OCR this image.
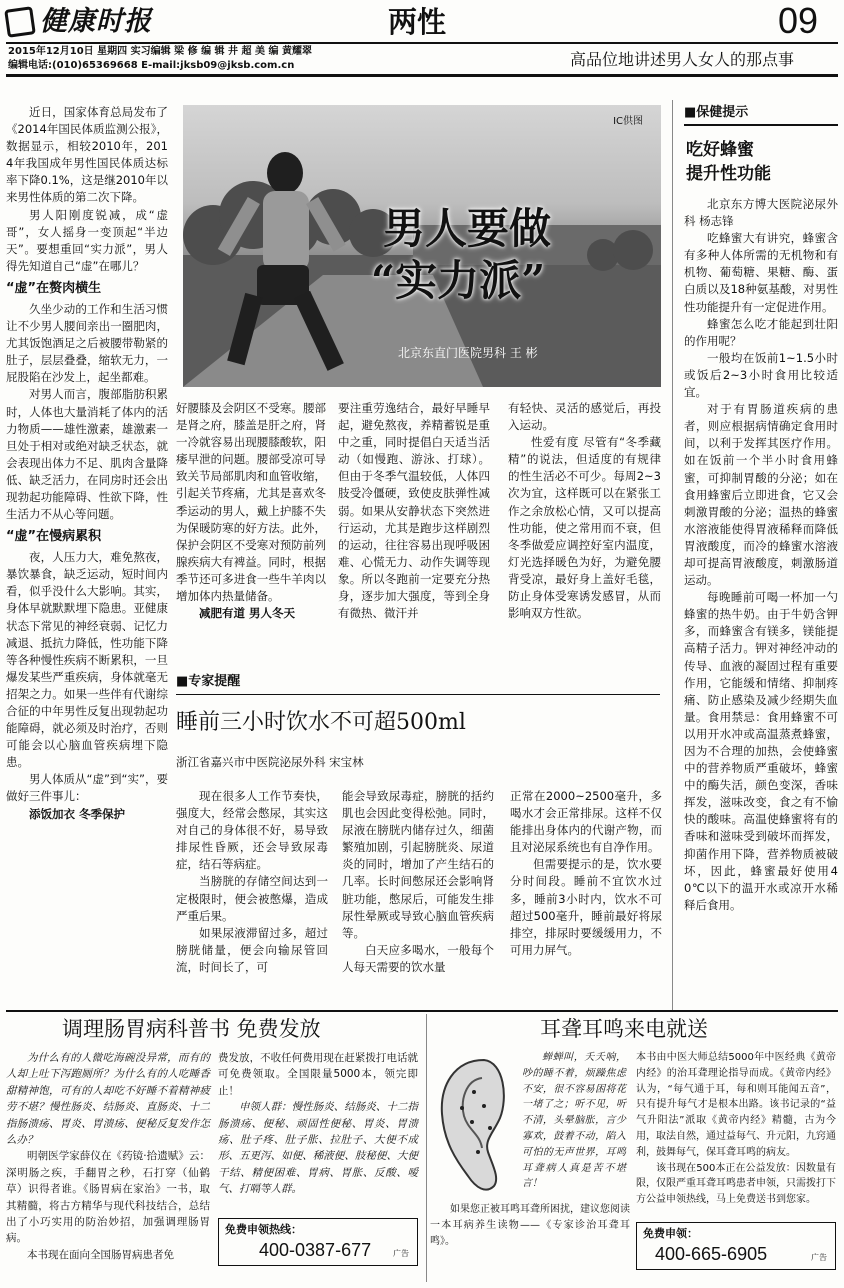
健康时报	两性	09
2015年12月10日 星期四 实习编辑 梁 修 编 辑 井 超 美 编 黄耀翠
编辑电话:(010)65369668 E-mail:jksb09@jksb.com.cn	高品位地讲述男人女人的那点事
IC供图
男人要做
“实力派”
北京东直门医院男科 王 彬

近日，国家体育总局发布了《2014年国民体质监测公报》，数据显示，相较2010年，2014年我国成年男性国民体质达标率下降0.1%，这是继2010年以来男性体质的第二次下降。

男人阳刚度锐减，成“虚哥”，女人摇身一变顶起“半边天”。要想重回“实力派”，男人得先知道自己“虚”在哪儿？

“虚”在赘肉横生

久坐少动的工作和生活习惯让不少男人腰间亲出一圈肥肉，尤其饭饱酒足之后被腰带勒紧的肚子，层层叠叠，缩软无力，一屁股陷在沙发上，起坐都难。

对男人而言，腹部脂肪积累时，人体也大量消耗了体内的活力物质——雄性激素，雄激素一旦处于相对或绝对缺乏状态，就会表现出体力不足、肌肉含量降低、缺乏活力，在同房时还会出现勃起功能障碍、性欲下降，性生活力不从心等问题。

“虚”在慢病累积

夜，人压力大，难免熬夜，暴饮暴食，缺乏运动，短时间内看，似乎没什么大影响。其实，身体早就默默埋下隐患。亚健康状态下常见的神经衰弱、记忆力减退、抵抗力降低，性功能下降等各种慢性疾病不断累积，一旦爆发某些严重疾病，身体就毫无招架之力。如果一些伴有代谢综合征的中年男性反复出现勃起功能障碍，就必须及时治疗，否则可能会以心脑血管疾病埋下隐患。

男人体质从“虚”到“实”，要做好三件事儿：

添饭加衣 冬季保护

好腰膝及会阴区不受寒。腰部是肾之府，膝盖是肝之府，肾一冷就容易出现腰膝酸软，阳痿早泄的问题。腰部受凉可导致关节局部肌肉和血管收缩，引起关节疼痛，尤其是喜欢冬季运动的男人，戴上护膝不失为保暖防寒的好方法。此外，保护会阴区不受寒对预防前列腺疾病大有裨益。同时，根据季节还可多进食一些牛羊肉以增加体内热量储备。

减肥有道 男人冬天

要注重劳逸结合，最好早睡早起，避免熬夜，养精蓄锐是重中之重，同时提倡白天适当活动（如慢跑、游泳、打球）。但由于冬季气温较低，人体四肢受冷僵硬，致使皮肤弹性减弱。如果从安静状态下突然进行运动，尤其是跑步这样剧烈的运动，往往容易出现呼吸困难、心慌无力、动作失调等现象。所以冬跑前一定要充分热身，逐步加大强度，等到全身有微热、微汗并

有轻快、灵活的感觉后，再投入运动。

性爱有度 尽管有“冬季藏精”的说法，但适度的有规律的性生活必不可少。每周2~3次为宜，这样既可以在紧张工作之余放松心情，又可以提高性功能，使之常用而不衰，但冬季做爱应调控好室内温度，灯光选择暖色为好，为避免腰背受凉，最好身上盖好毛毯，防止身体受寒诱发感冒，从而影响双方性欲。

■专家提醒
睡前三小时饮水不可超500ml
浙江省嘉兴市中医院泌尿外科 宋宝林

现在很多人工作节奏快，强度大，经常会憋尿，其实这对自己的身体很不好，易导致排尿性昏厥，还会导致尿毒症，结石等病症。

当膀胱的存储空间达到一定极限时，便会被憋爆，造成严重后果。

如果尿液滞留过多，超过膀胱储量，便会向输尿管回流，时间长了，可

能会导致尿毒症，膀胱的括约肌也会因此变得松弛。同时，尿液在膀胱内储存过久，细菌繁殖加剧，引起膀胱炎、尿道炎的同时，增加了产生结石的几率。长时间憋尿还会影响肾脏功能，憋尿后，可能发生排尿性晕厥或导致心脑血管疾病等。

白天应多喝水，一般每个人每天需要的饮水量

正常在2000~2500毫升，多喝水才会正常排尿。这样不仅能排出身体内的代谢产物，而且对泌尿系统也有自净作用。

但需要提示的是，饮水要分时间段。睡前不宜饮水过多，睡前3小时内，饮水不可超过500毫升，睡前最好将尿排空，排尿时要缓缓用力，不可用力屏气。

■保健提示
吃好蜂蜜
提升性功能

北京东方博大医院泌尿外科 杨志锋

吃蜂蜜大有讲究，蜂蜜含有多种人体所需的无机物和有机物、葡萄糖、果糖、酶、蛋白质以及18种氨基酸，对男性性功能提升有一定促进作用。

蜂蜜怎么吃才能起到壮阳的作用呢？

一般均在饭前1~1.5小时或饭后2~3小时食用比较适宜。

对于有胃肠道疾病的患者，则应根据病情确定食用时间，以利于发挥其医疗作用。如在饭前一个半小时食用蜂蜜，可抑制胃酸的分泌；如在食用蜂蜜后立即进食，它又会刺激胃酸的分泌；温热的蜂蜜水溶液能使得胃液稀释而降低胃液酸度，而冷的蜂蜜水溶液却可提高胃液酸度，刺激肠道运动。

每晚睡前可喝一杯加一勺蜂蜜的热牛奶。由于牛奶含钾多，而蜂蜜含有镁多，镁能提高精子活力。钾对神经冲动的传导、血液的凝固过程有重要作用，它能缓和情绪、抑制疼痛、防止感染及减少经期失血量。食用禁忌：食用蜂蜜不可以用开水冲或高温蒸煮蜂蜜，因为不合理的加热，会使蜂蜜中的营养物质严重破坏，蜂蜜中的酶失活，颜色变深，香味挥发，滋味改变，食之有不愉快的酸味。高温使蜂蜜将有的香味和滋味受到破坏而挥发，抑菌作用下降，营养物质被破坏，因此，蜂蜜最好使用40℃以下的温开水或凉开水稀释后食用。

调理肠胃病科普书 免费发放

为什么有的人微吃海碗没异常，而有的人却上吐下泻跑厕所？为什么有的人吃睡香甜精神饱，可有的人却吃不好睡不着精神疲劳不堪？慢性肠炎、结肠炎、直肠炎、十二指肠溃疡、胃炎、胃溃疡、便秘反复发作怎么办？

明朝医学家薛仪在《药镜·拾遗赋》云：深明肠之疾，手翻胃之秒，石打穿（仙鹤草）识得者谁。《肠胃病在家治》一书，取其精髓，将古方精华与现代科技结合，总结出了小巧实用的防治妙招，加强调理肠胃病。

本书现在面向全国肠胃病患者免

费发放，不收任何费用现在赶紧拨打电话就可免费领取。全国限量5000本，领完即止！

申领人群：慢性肠炎、结肠炎、十二指肠溃疡、便秘、顽固性便秘、胃炎、胃溃疡、肚子疼、肚子胀、拉肚子、大便不成形、五更泻、如便、稀液便、肢秘便、大便干结、精便困难、胃病、胃胀、反酸、嗳气、打嗝等人群。

免费申领热线：
400-0387-677	广告
耳聋耳鸣来电就送

蝉蝉叫，夭夭响，吵的睡不着，烦躁焦虑不安，很不容易困将花一堵了之；听不见，听不清，头晕脑胀，言少寡欢，鼓着不动，陷入可怕的无声世界，耳鸣耳聋病人真是苦不堪言！

如果您正被耳鸣耳聋所困扰，建议您阅读一本耳病养生读物——《专家诊治耳聋耳鸣》。

本书由中医大师总结5000年中医经典《黄帝内经》的治耳聋理论指导而成。《黄帝内经》认为，“每气通于耳，每和则耳能闻五音”，只有提升每气才是根本出路。该书记录的“益气升阳法”派取《黄帝内经》精髓，古为今用，取法自然，通过益每气、升元阳，九窍通利，鼓舞每气，保耳聋耳鸣的病友。

该书现在500本正在公益发放：因数量有限，仅限严重耳聋耳鸣患者申领，只需拨打下方公益申领热线，马上免费送书到您家。

免费申领：
400-665-6905	广告
